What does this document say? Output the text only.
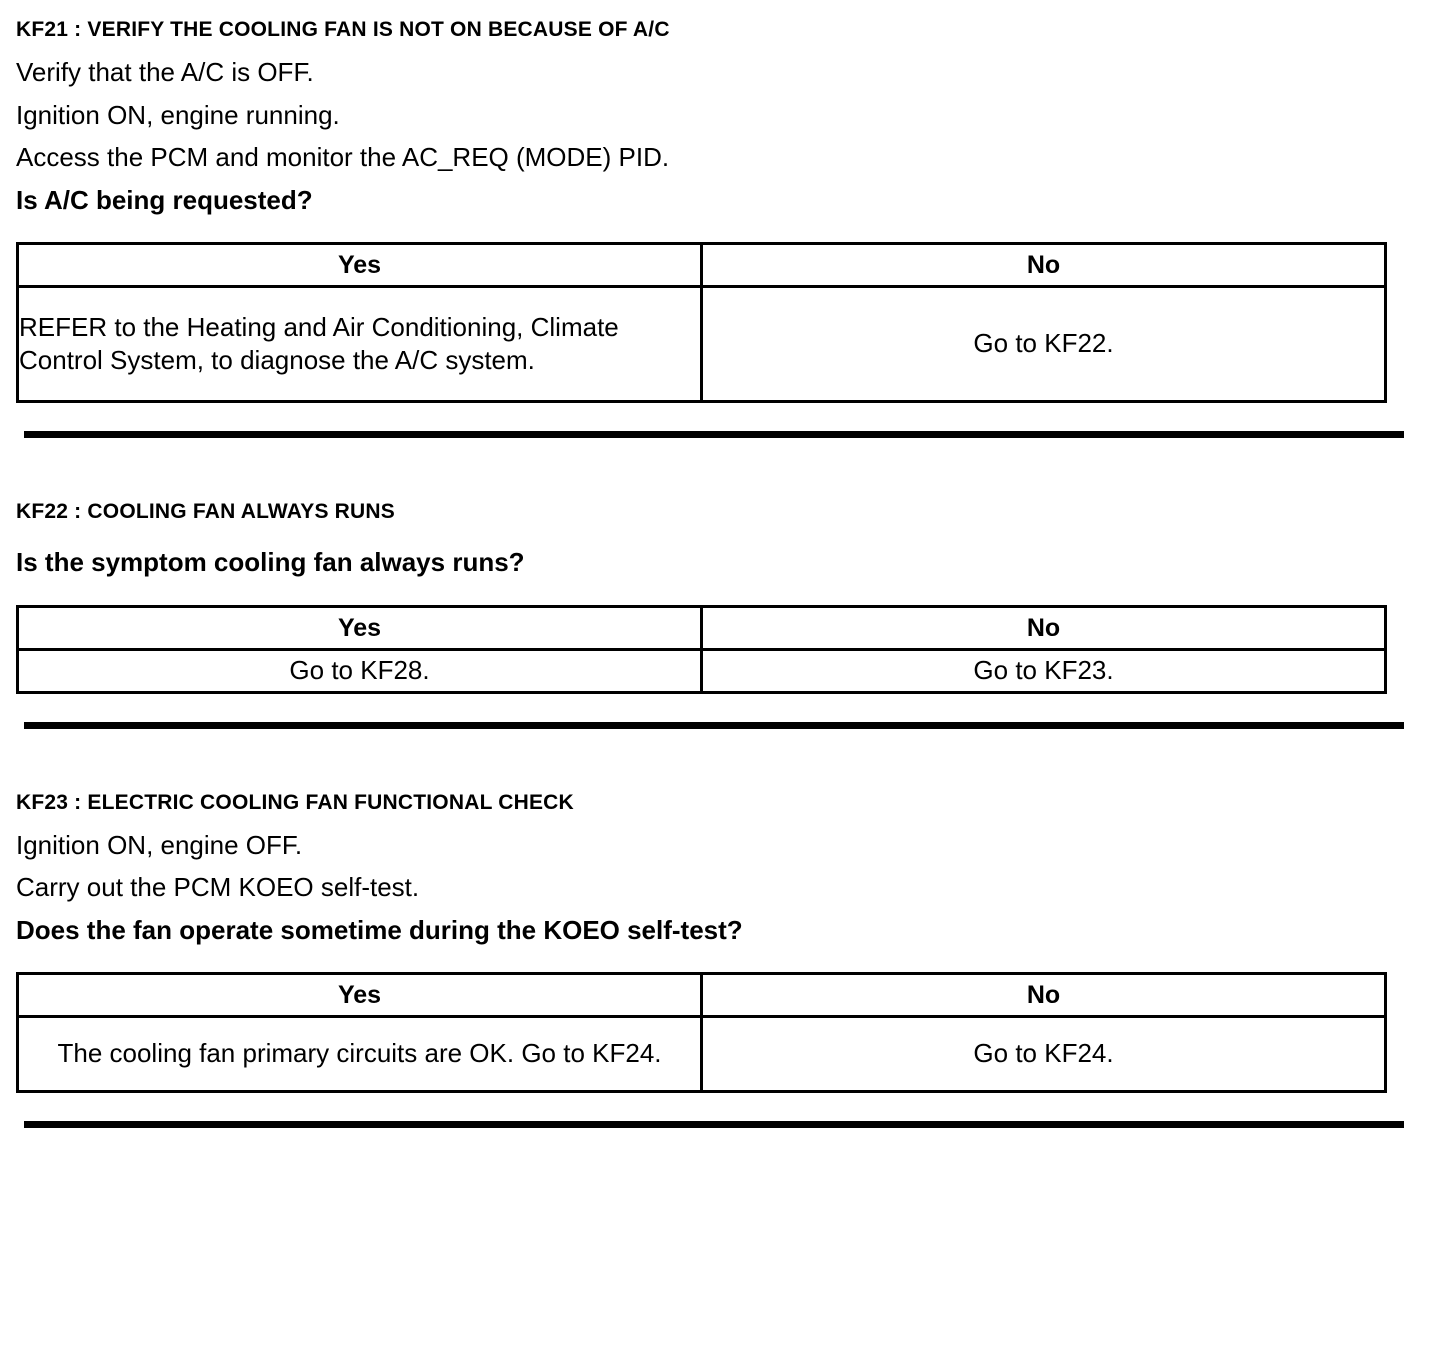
KF21 : VERIFY THE COOLING FAN IS NOT ON BECAUSE OF A/C
Verify that the A/C is OFF.
Ignition ON, engine running.
Access the PCM and monitor the AC_REQ (MODE) PID.
Is A/C being requested?
Yes	No
REFER to the Heating and Air Conditioning, Climate Control System, to diagnose the A/C system.	Go to KF22.
KF22 : COOLING FAN ALWAYS RUNS
Is the symptom cooling fan always runs?
Yes	No
Go to KF28.	Go to KF23.
KF23 : ELECTRIC COOLING FAN FUNCTIONAL CHECK
Ignition ON, engine OFF.
Carry out the PCM KOEO self-test.
Does the fan operate sometime during the KOEO self-test?
Yes	No
The cooling fan primary circuits are OK. Go to KF24.	Go to KF24.
